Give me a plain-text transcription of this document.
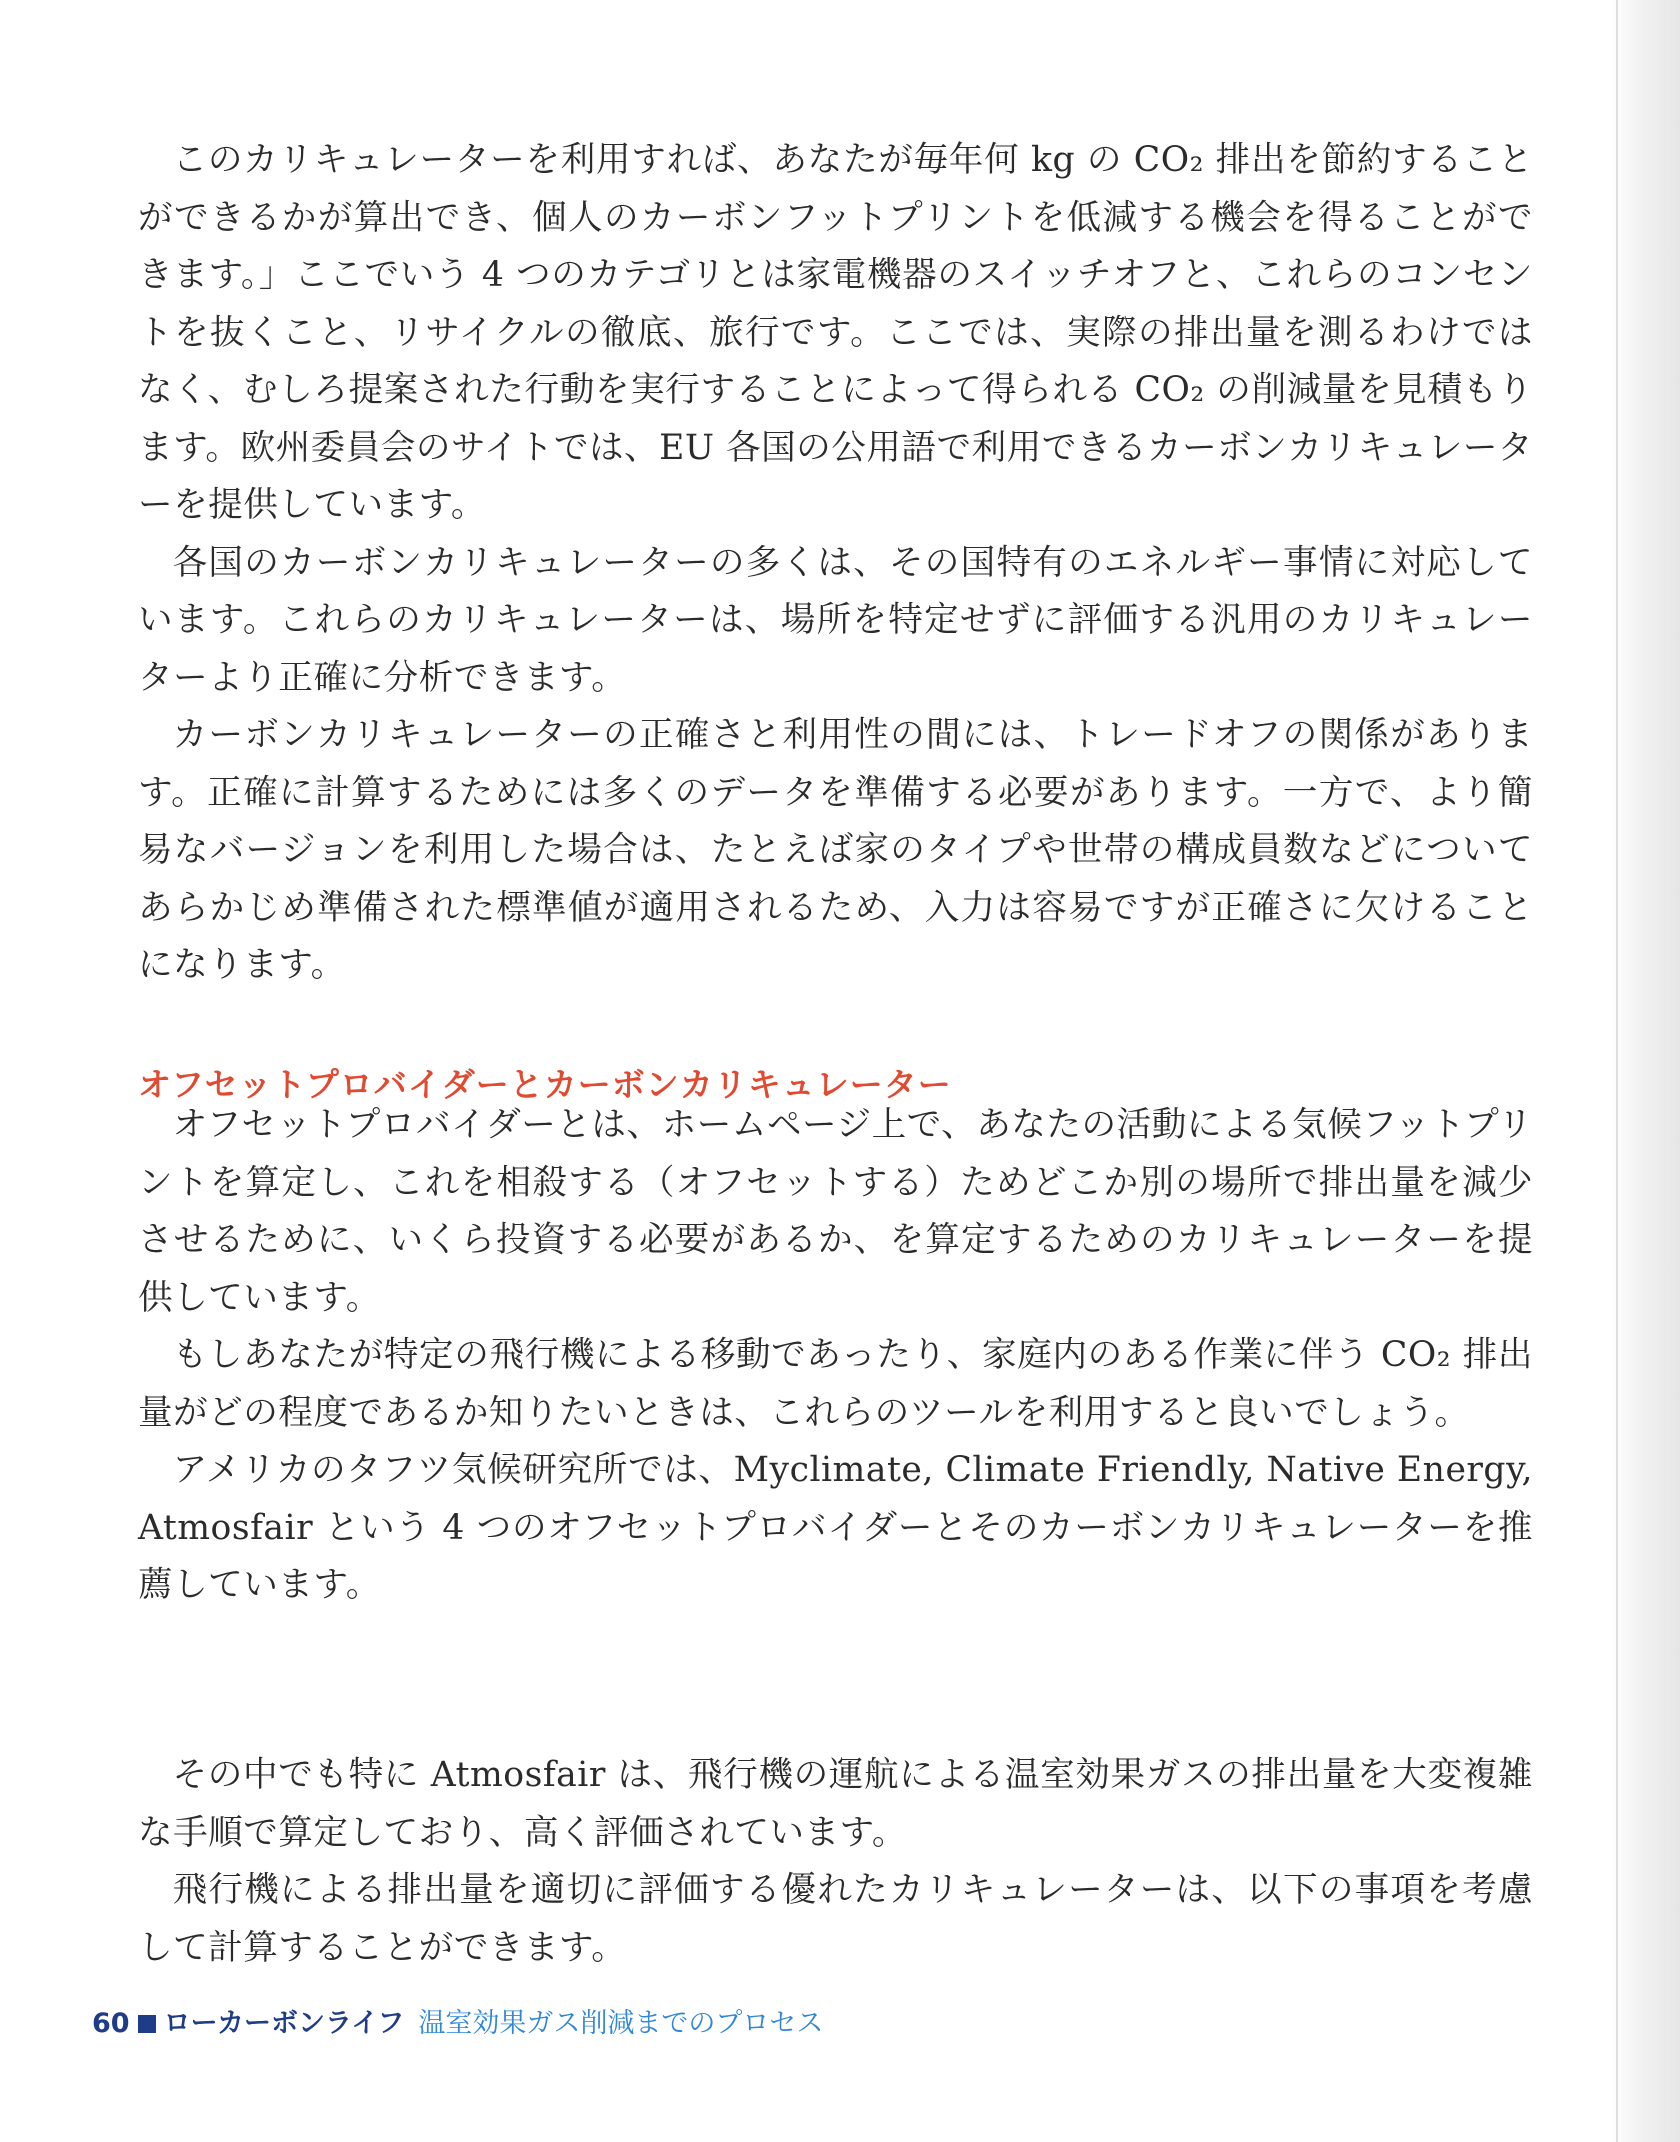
このカリキュレーターを利用すれば、あなたが毎年何 kg の CO₂ 排出を節約することができるかが算出でき、個人のカーボンフットプリントを低減する機会を得ることができます。」ここでいう 4 つのカテゴリとは家電機器のスイッチオフと、これらのコンセントを抜くこと、リサイクルの徹底、旅行です。ここでは、実際の排出量を測るわけではなく、むしろ提案された行動を実行することによって得られる CO₂ の削減量を見積もります。欧州委員会のサイトでは、EU 各国の公用語で利用できるカーボンカリキュレーターを提供しています。

各国のカーボンカリキュレーターの多くは、その国特有のエネルギー事情に対応しています。これらのカリキュレーターは、場所を特定せずに評価する汎用のカリキュレーターより正確に分析できます。

カーボンカリキュレーターの正確さと利用性の間には、トレードオフの関係があります。正確に計算するためには多くのデータを準備する必要があります。一方で、より簡易なバージョンを利用した場合は、たとえば家のタイプや世帯の構成員数などについてあらかじめ準備された標準値が適用されるため、入力は容易ですが正確さに欠けることになります。

オフセットプロバイダーとカーボンカリキュレーター

オフセットプロバイダーとは、ホームページ上で、あなたの活動による気候フットプリントを算定し、これを相殺する（オフセットする）ためどこか別の場所で排出量を減少させるために、いくら投資する必要があるか、を算定するためのカリキュレーターを提供しています。

もしあなたが特定の飛行機による移動であったり、家庭内のある作業に伴う CO₂ 排出量がどの程度であるか知りたいときは、これらのツールを利用すると良いでしょう。

アメリカのタフツ気候研究所では、Myclimate, Climate Friendly, Native Energy, Atmosfair という 4 つのオフセットプロバイダーとそのカーボンカリキュレーターを推薦しています。

その中でも特に Atmosfair は、飛行機の運航による温室効果ガスの排出量を大変複雑な手順で算定しており、高く評価されています。

飛行機による排出量を適切に評価する優れたカリキュレーターは、以下の事項を考慮して計算することができます。

60 ローカーボンライフ 温室効果ガス削減までのプロセス
